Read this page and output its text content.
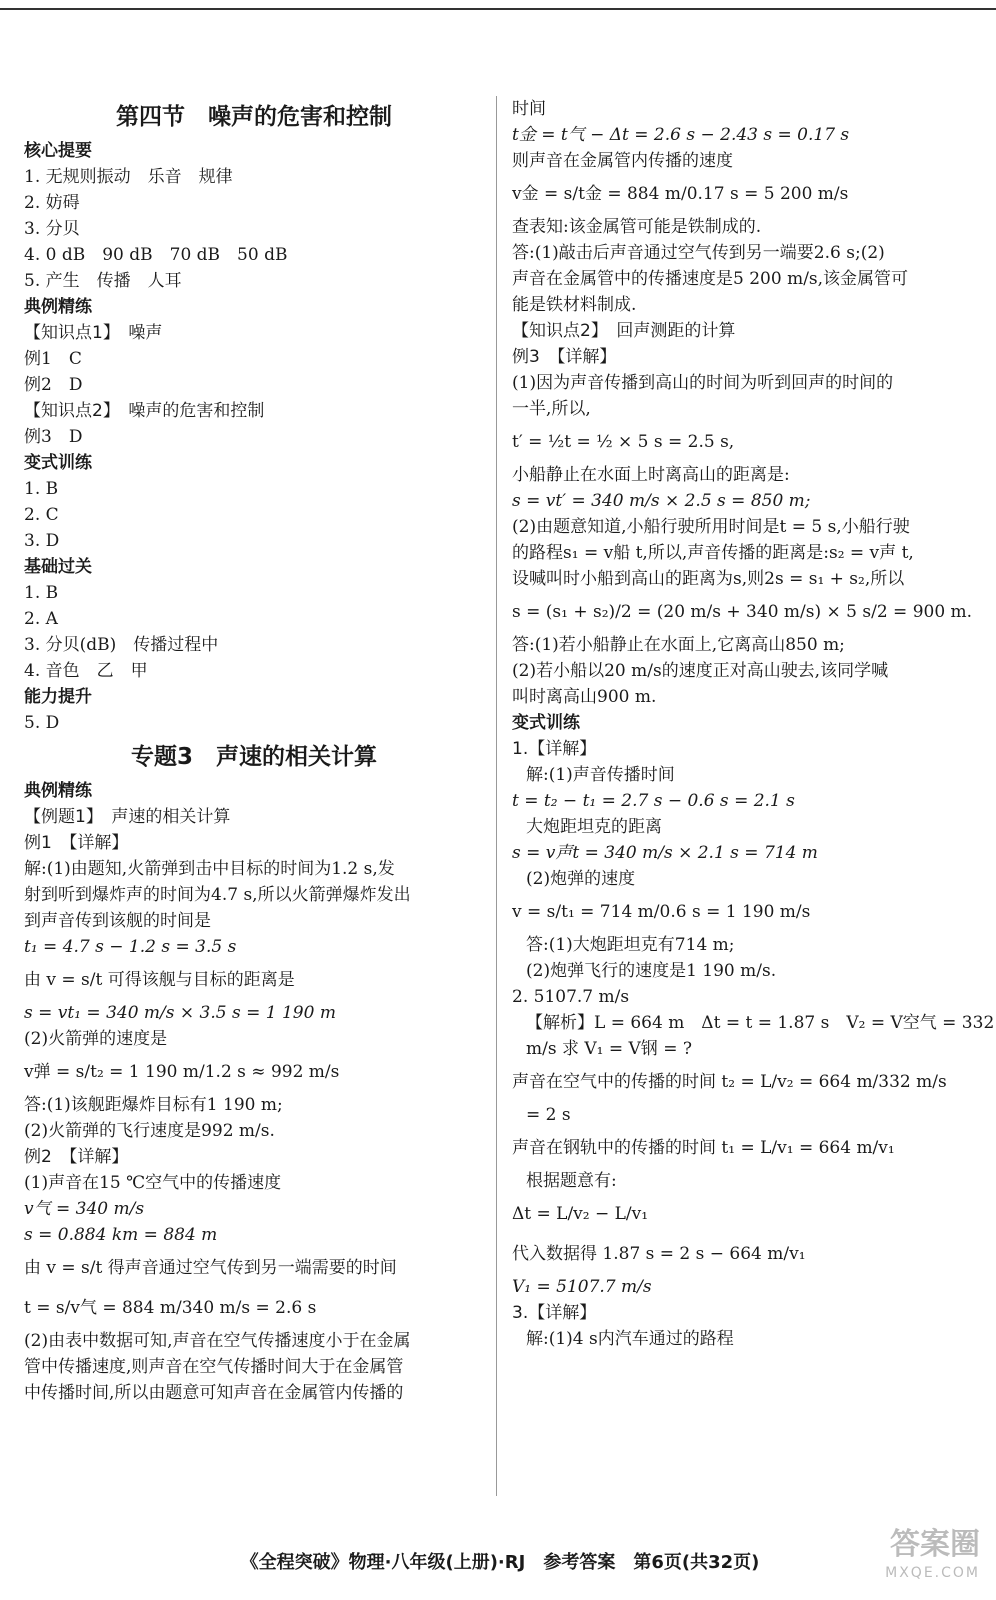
第四节　噪声的危害和控制
核心提要
1. 无规则振动　乐音　规律
2. 妨碍
3. 分贝
4. 0 dB　90 dB　70 dB　50 dB
5. 产生　传播　人耳
典例精练
【知识点1】　噪声
例1　C
例2　D
【知识点2】　噪声的危害和控制
例3　D
变式训练
1. B
2. C
3. D
基础过关
1. B
2. A
3. 分贝(dB)　传播过程中
4. 音色　乙　甲
能力提升
5. D
专题3　声速的相关计算
典例精练
【例题1】　声速的相关计算
例1　【详解】
解:(1)由题知,火箭弹到击中目标的时间为1.2 s,发
射到听到爆炸声的时间为4.7 s,所以火箭弹爆炸发出
到声音传到该舰的时间是
t₁ = 4.7 s − 1.2 s = 3.5 s
由 v = s/t 可得该舰与目标的距离是
s = vt₁ = 340 m/s × 3.5 s = 1 190 m
(2)火箭弹的速度是
v弹 = s/t₂ = 1 190 m/1.2 s ≈ 992 m/s
答:(1)该舰距爆炸目标有1 190 m;
(2)火箭弹的飞行速度是992 m/s.
例2　【详解】
(1)声音在15 ℃空气中的传播速度
v气 = 340 m/s
s = 0.884 km = 884 m
由 v = s/t 得声音通过空气传到另一端需要的时间
t = s/v气 = 884 m/340 m/s = 2.6 s
(2)由表中数据可知,声音在空气传播速度小于在金属
管中传播速度,则声音在空气传播时间大于在金属管
中传播时间,所以由题意可知声音在金属管内传播的
时间
t金 = t气 − Δt = 2.6 s − 2.43 s = 0.17 s
则声音在金属管内传播的速度
v金 = s/t金 = 884 m/0.17 s = 5 200 m/s
查表知:该金属管可能是铁制成的.
答:(1)敲击后声音通过空气传到另一端要2.6 s;(2)
声音在金属管中的传播速度是5 200 m/s,该金属管可
能是铁材料制成.
【知识点2】　回声测距的计算
例3　【详解】
(1)因为声音传播到高山的时间为听到回声的时间的
一半,所以,
t′ = ½t = ½ × 5 s = 2.5 s,
小船静止在水面上时离高山的距离是:
s = vt′ = 340 m/s × 2.5 s = 850 m;
(2)由题意知道,小船行驶所用时间是t = 5 s,小船行驶
的路程s₁ = v船 t,所以,声音传播的距离是:s₂ = v声 t,
设喊叫时小船到高山的距离为s,则2s = s₁ + s₂,所以
s = (s₁ + s₂)/2 = (20 m/s + 340 m/s) × 5 s/2 = 900 m.
答:(1)若小船静止在水面上,它离高山850 m;
(2)若小船以20 m/s的速度正对高山驶去,该同学喊
叫时离高山900 m.
变式训练
1.【详解】
解:(1)声音传播时间
t = t₂ − t₁ = 2.7 s − 0.6 s = 2.1 s
大炮距坦克的距离
s = v声t = 340 m/s × 2.1 s = 714 m
(2)炮弹的速度
v = s/t₁ = 714 m/0.6 s = 1 190 m/s
答:(1)大炮距坦克有714 m;
(2)炮弹飞行的速度是1 190 m/s.
2. 5107.7 m/s
【解析】L = 664 m　Δt = t = 1.87 s　V₂ = V空气 = 332
m/s 求 V₁ = V钢 = ?
声音在空气中的传播的时间 t₂ = L/v₂ = 664 m/332 m/s
= 2 s
声音在钢轨中的传播的时间 t₁ = L/v₁ = 664 m/v₁
根据题意有:
Δt = L/v₂ − L/v₁
代入数据得 1.87 s = 2 s − 664 m/v₁
V₁ = 5107.7 m/s
3.【详解】
解:(1)4 s内汽车通过的路程
《全程突破》物理·八年级(上册)·RJ　参考答案　第6页(共32页)
答案圈
MXQE.COM
